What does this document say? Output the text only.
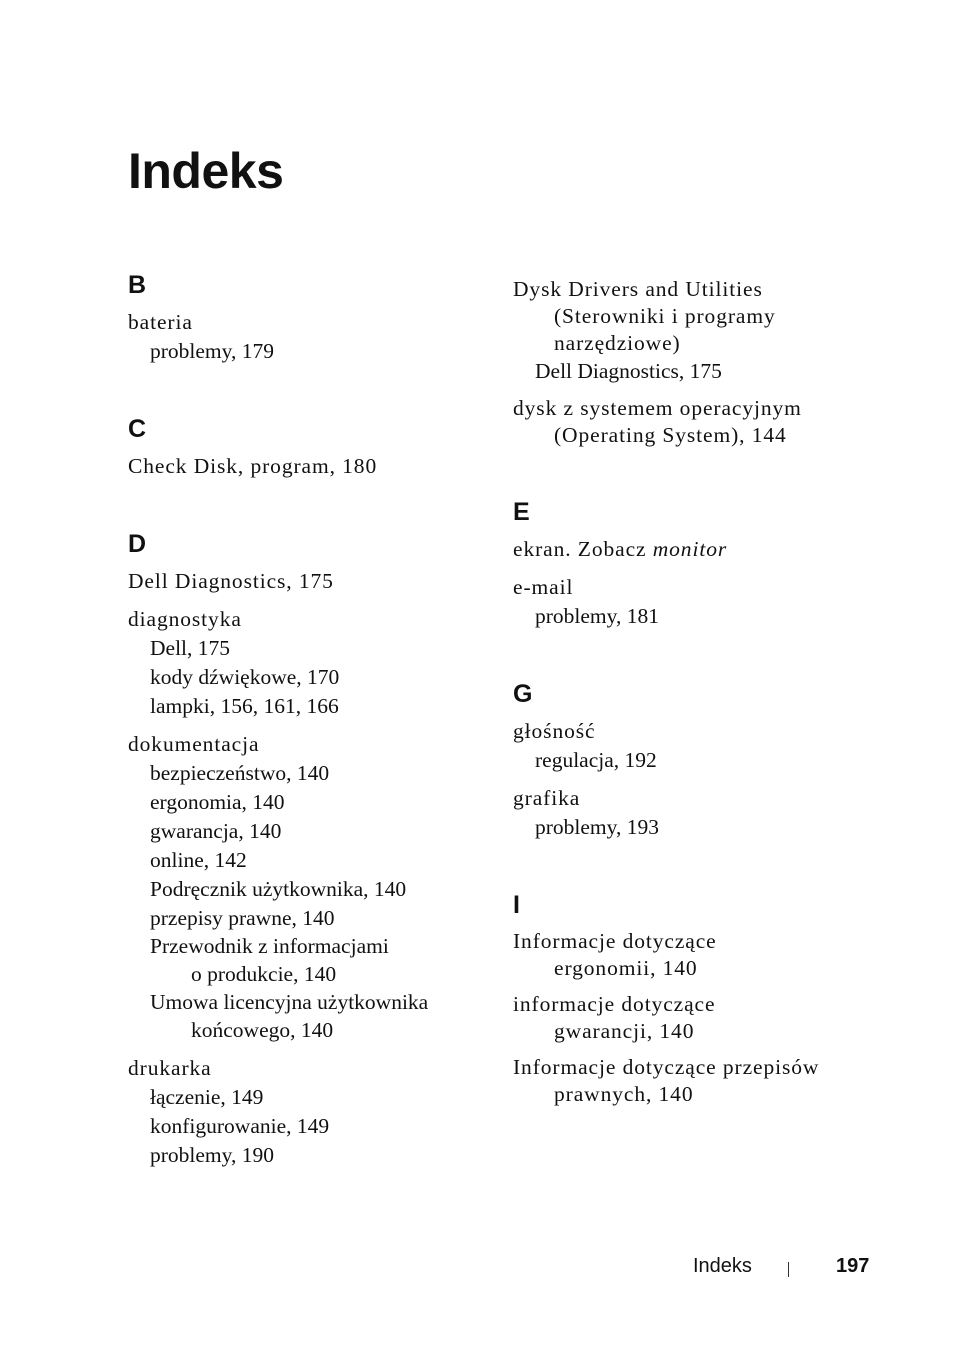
Indeks
B
bateria
problemy, 179
C
Check Disk, program, 180
D
Dell Diagnostics, 175
diagnostyka
Dell, 175
kody dźwiękowe, 170
lampki, 156, 161, 166
dokumentacja
bezpieczeństwo, 140
ergonomia, 140
gwarancja, 140
online, 142
Podręcznik użytkownika, 140
przepisy prawne, 140
Przewodnik z informacjami
o produkcie, 140
Umowa licencyjna użytkownika
końcowego, 140
drukarka
łączenie, 149
konfigurowanie, 149
problemy, 190
Dysk Drivers and Utilities
(Sterowniki i programy
narzędziowe)
Dell Diagnostics, 175
dysk z systemem operacyjnym
(Operating System), 144
E
ekran. Zobacz monitor
e-mail
problemy, 181
G
głośność
regulacja, 192
grafika
problemy, 193
I
Informacje dotyczące
ergonomii, 140
informacje dotyczące
gwarancji, 140
Informacje dotyczące przepisów
prawnych, 140
Indeks	197
